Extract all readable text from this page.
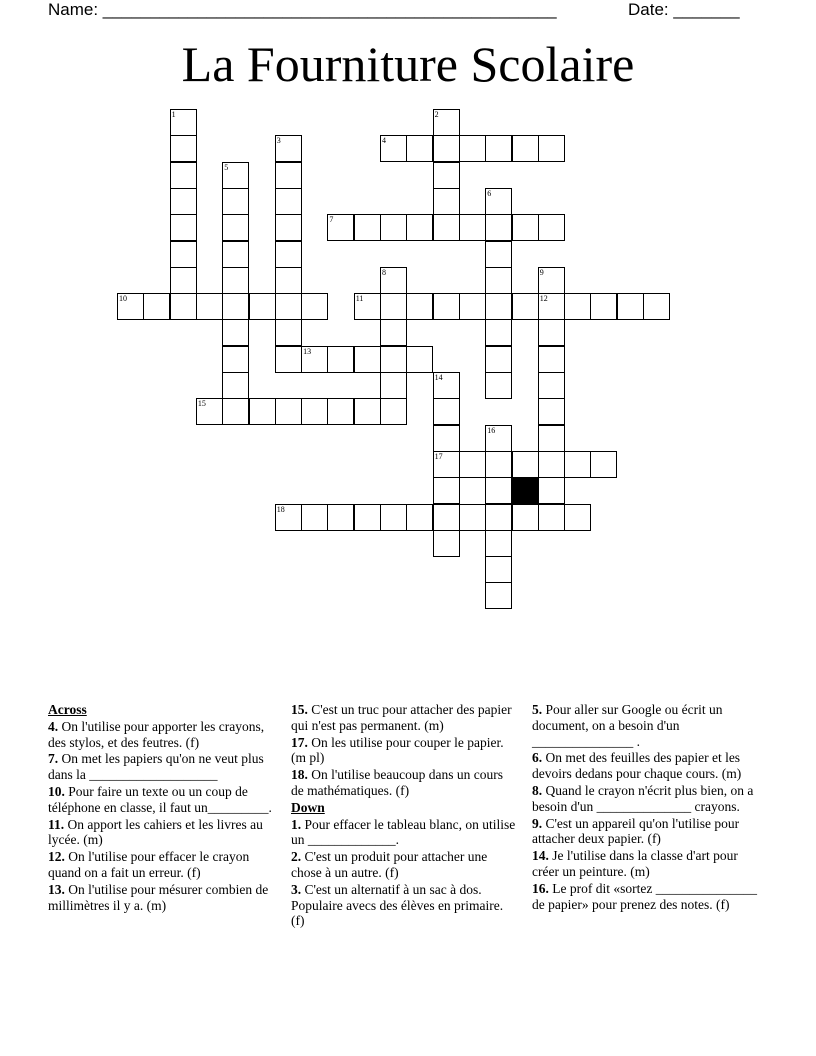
Name: ________________________________________________	Date: _______
La Fourniture Scolaire
1	2
3	4
5
6
7
8	9
12
10	11
13
14
17
15
16
18
Across
4. On l'utilise pour apporter les crayons, des stylos, et des feutres. (f)
7. On met les papiers qu'on ne veut plus dans la ___________________
10. Pour faire un texte ou un coup de téléphone en classe, il faut un_________.
11. On apport les cahiers et les livres au lycée. (m)
12. On l'utilise pour effacer le crayon quand on a fait un erreur. (f)
13. On l'utilise pour mésurer combien de millimètres il y a. (m)
15. C'est un truc pour attacher des papier qui n'est pas permanent. (m)
17. On les utilise pour couper le papier. (m pl)
18. On l'utilise beaucoup dans un cours de mathématiques. (f)
Down
1. Pour effacer le tableau blanc, on utilise un _____________.
2. C'est un produit pour attacher une chose à un autre. (f)
3. C'est un alternatif à un sac à dos. Populaire avecs des élèves en primaire. (f)
5. Pour aller sur Google ou écrit un document, on a besoin d'un _______________ .
6. On met des feuilles des papier et les devoirs dedans pour chaque cours. (m)
8. Quand le crayon n'écrit plus bien, on a besoin d'un ______________ crayons.
9. C'est un appareil qu'on l'utilise pour attacher deux papier. (f)
14. Je l'utilise dans la classe d'art pour créer un peinture. (m)
16. Le prof dit «sortez _______________ de papier» pour prenez des notes. (f)
